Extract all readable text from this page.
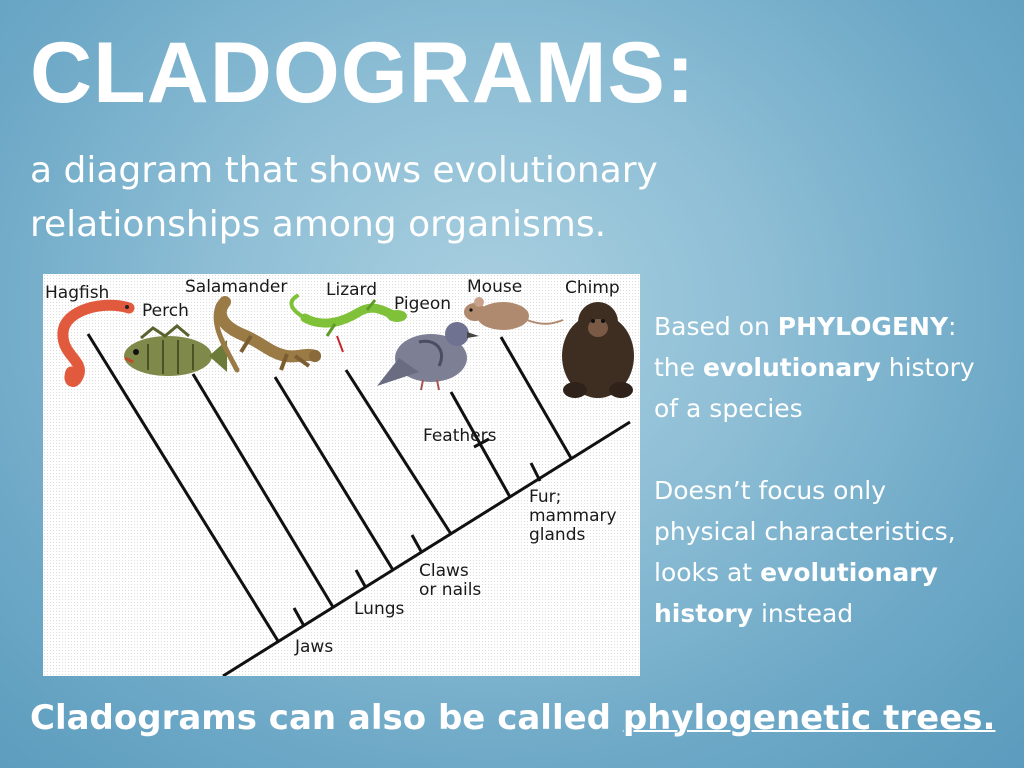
CLADOGRAMS:
a diagram that shows evolutionary
relationships among organisms.
Hagfish
Perch
Salamander Lizard
Pigeon
Mouse	Chimp
Jaws
Lungs
Claws
or nails
Feathers
Fur;
mammary
glands

Based on PHYLOGENY:

the evolutionary history

of a species

Doesn’t focus only

physical characteristics,

looks at evolutionary

history instead

Cladograms can also be called phylogenetic trees.
